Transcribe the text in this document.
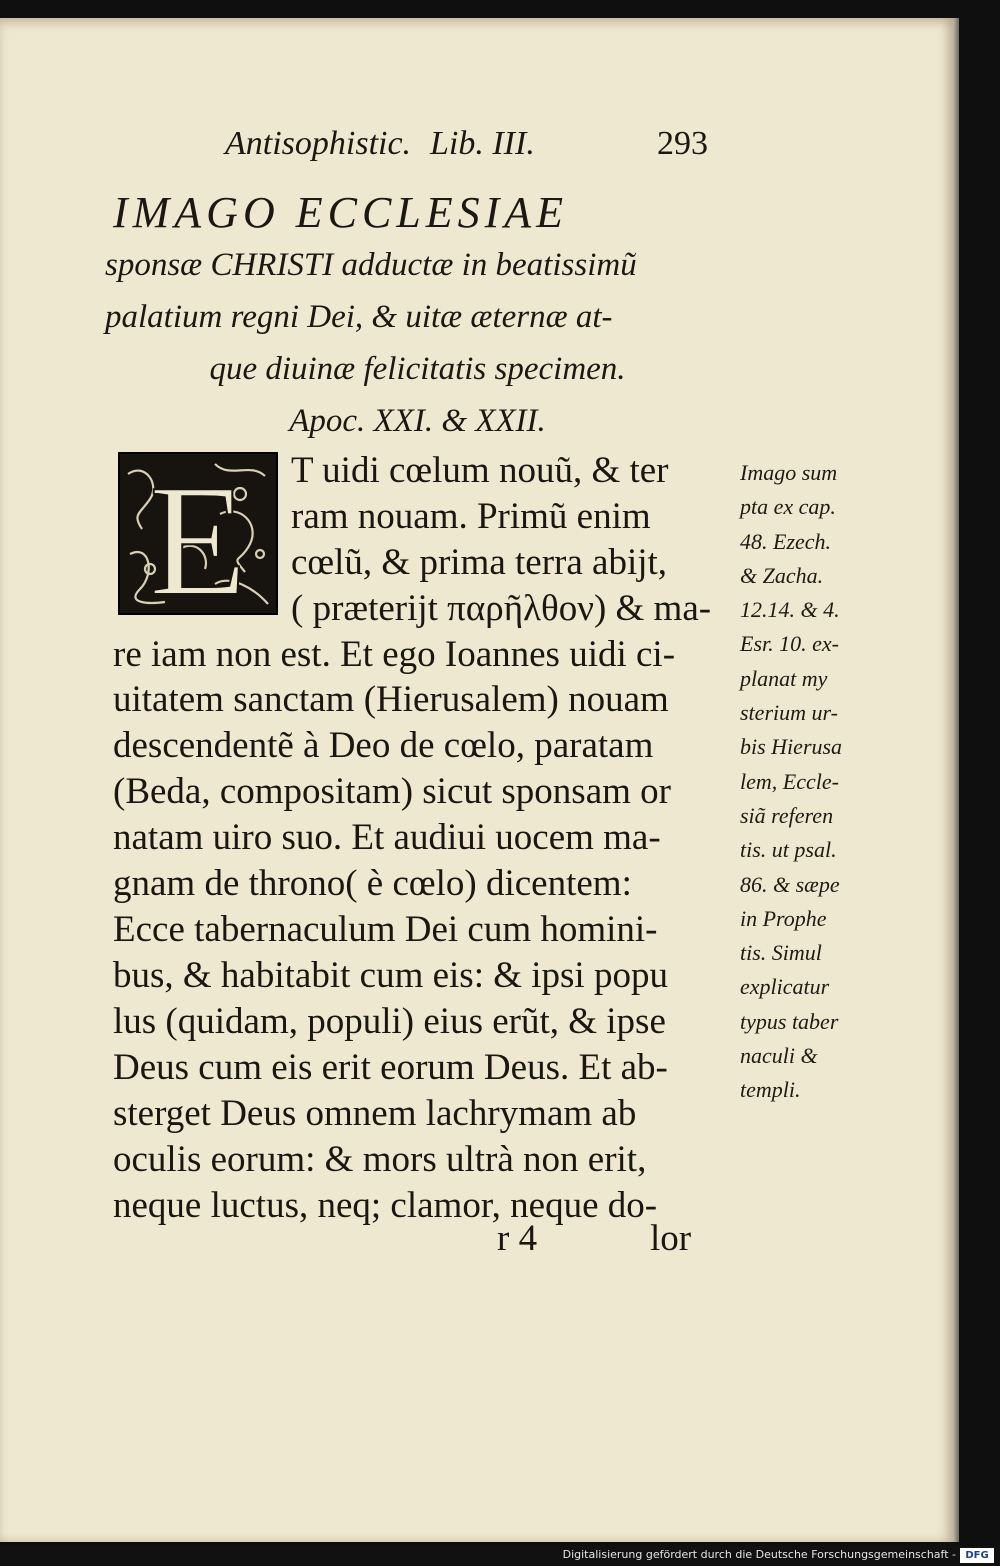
Antisophistic. Lib. III.	293
IMAGO ECCLESIAE
sponsæ CHRISTI adductæ in beatissimũ
palatium regni Dei, & uitæ æternæ at-
que diuinæ felicitatis specimen.
Apoc. XXI. & XXII.
E T uidi cœlum nouũ, & ter
ram nouam. Primũ enim
cœlũ, & prima terra abijt,
( præterijt παρῆλθον) & ma-
re iam non est. Et ego Ioannes uidi ci-
uitatem sanctam (Hierusalem) nouam
descendentẽ à Deo de cœlo, paratam
(Beda, compositam) sicut sponsam or
natam uiro suo. Et audiui uocem ma-
gnam de throno( è cœlo) dicentem:
Ecce tabernaculum Dei cum homini-
bus, & habitabit cum eis: & ipsi popu
lus (quidam, populi) eius erũt, & ipse
Deus cum eis erit eorum Deus. Et ab-
sterget Deus omnem lachrymam ab
oculis eorum: & mors ultrà non erit,
neque luctus, neq; clamor, neque do-
Imago sum
pta ex cap.
48. Ezech.
& Zacha.
12.14. & 4.
Esr. 10. ex-
planat my
sterium ur-
bis Hierusa
lem, Eccle-
siã referen
tis. ut psal.
86. & sæpe
in Prophe
tis. Simul
explicatur
typus taber
naculi &
templi.
r 4	lor
Digitalisierung gefördert durch die Deutsche Forschungsgemeinschaft - DFG
